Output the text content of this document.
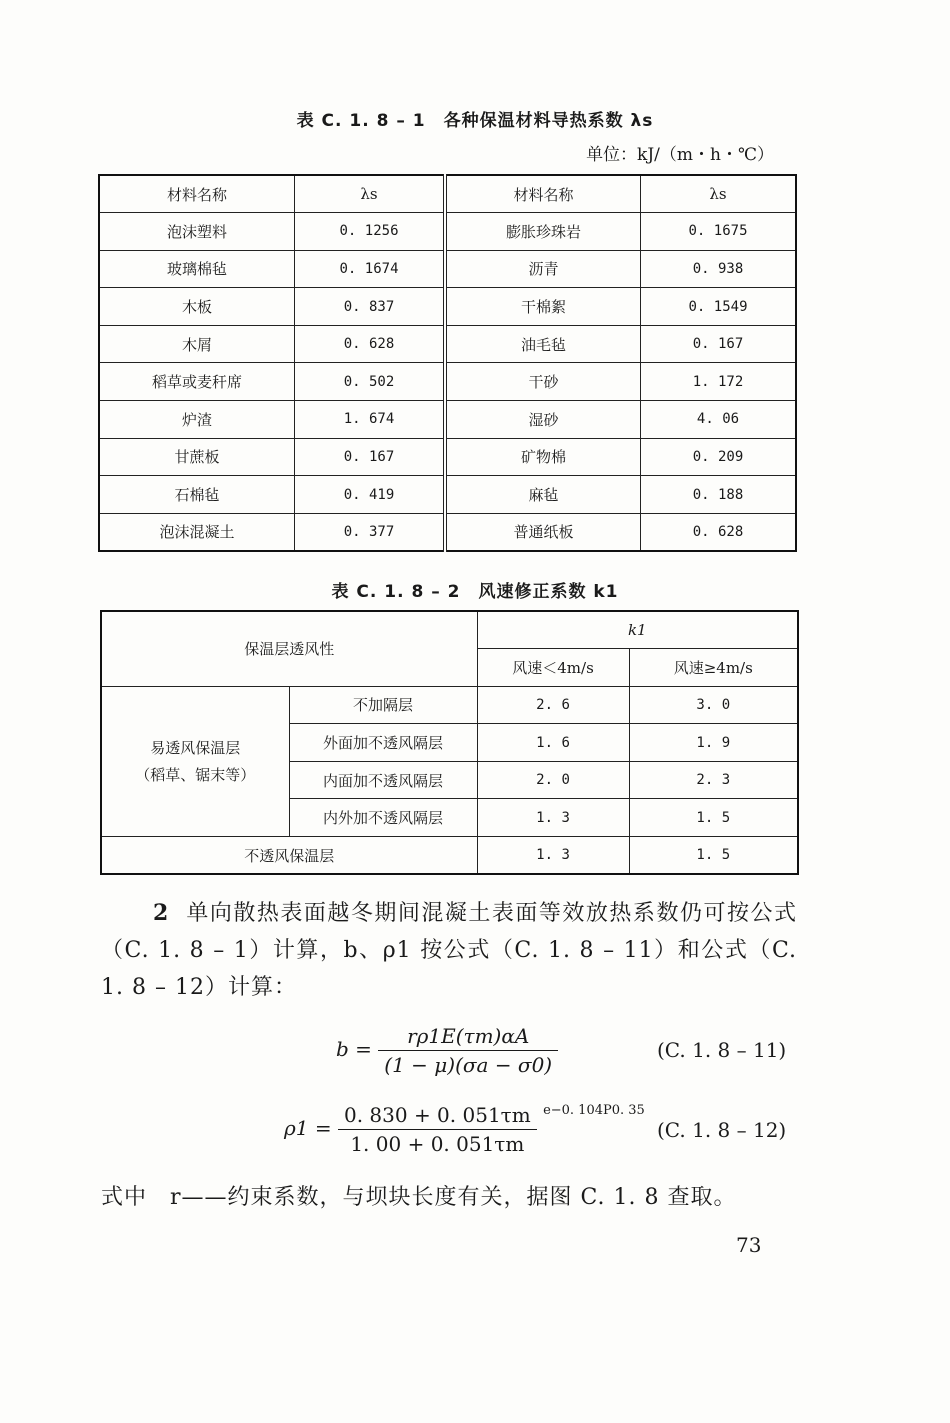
表 C. 1. 8 – 1　各种保温材料导热系数 λs
单位：kJ/（m・h・℃）
材料名称	λs	材料名称	λs
泡沫塑料	0. 1256	膨胀珍珠岩	0. 1675
玻璃棉毡	0. 1674	沥青	0. 938
木板	0. 837	干棉絮	0. 1549
木屑	0. 628	油毛毡	0. 167
稻草或麦秆席	0. 502	干砂	1. 172
炉渣	1. 674	湿砂	4. 06
甘蔗板	0. 167	矿物棉	0. 209
石棉毡	0. 419	麻毡	0. 188
泡沫混凝土	0. 377	普通纸板	0. 628
表 C. 1. 8 – 2　风速修正系数 k1
保温层透风性		k1	
		风速＜4m/s	风速≥4m/s

易透风保温层
（稻草、锯末等）	不加隔层	2. 6	3. 0
	外面加不透风隔层	1. 6	1. 9
	内面加不透风隔层	2. 0	2. 3
	内外加不透风隔层	1. 3	1. 5
不透风保温层		1. 3	1. 5
2 单向散热表面越冬期间混凝土表面等效放热系数仍可按公式（C. 1. 8 – 1）计算，b、ρ1 按公式（C. 1. 8 – 11）和公式（C. 1. 8 – 12）计算：
$b = \frac{r\rho 1E(\tau m)\alpha A}{(1 - \mu)(\sigma a - \sigma 0)}$	(C. 1. 8 – 11)
$\rho 1 = \frac{0. 830 + 0. 051\tau m}{1. 00 + 0. 051\tau m} ^{e-0. 104P0. 35}$
(C. 1. 8 – 12)
式中　r——约束系数，与坝块长度有关，据图 C. 1. 8 查取。
73
